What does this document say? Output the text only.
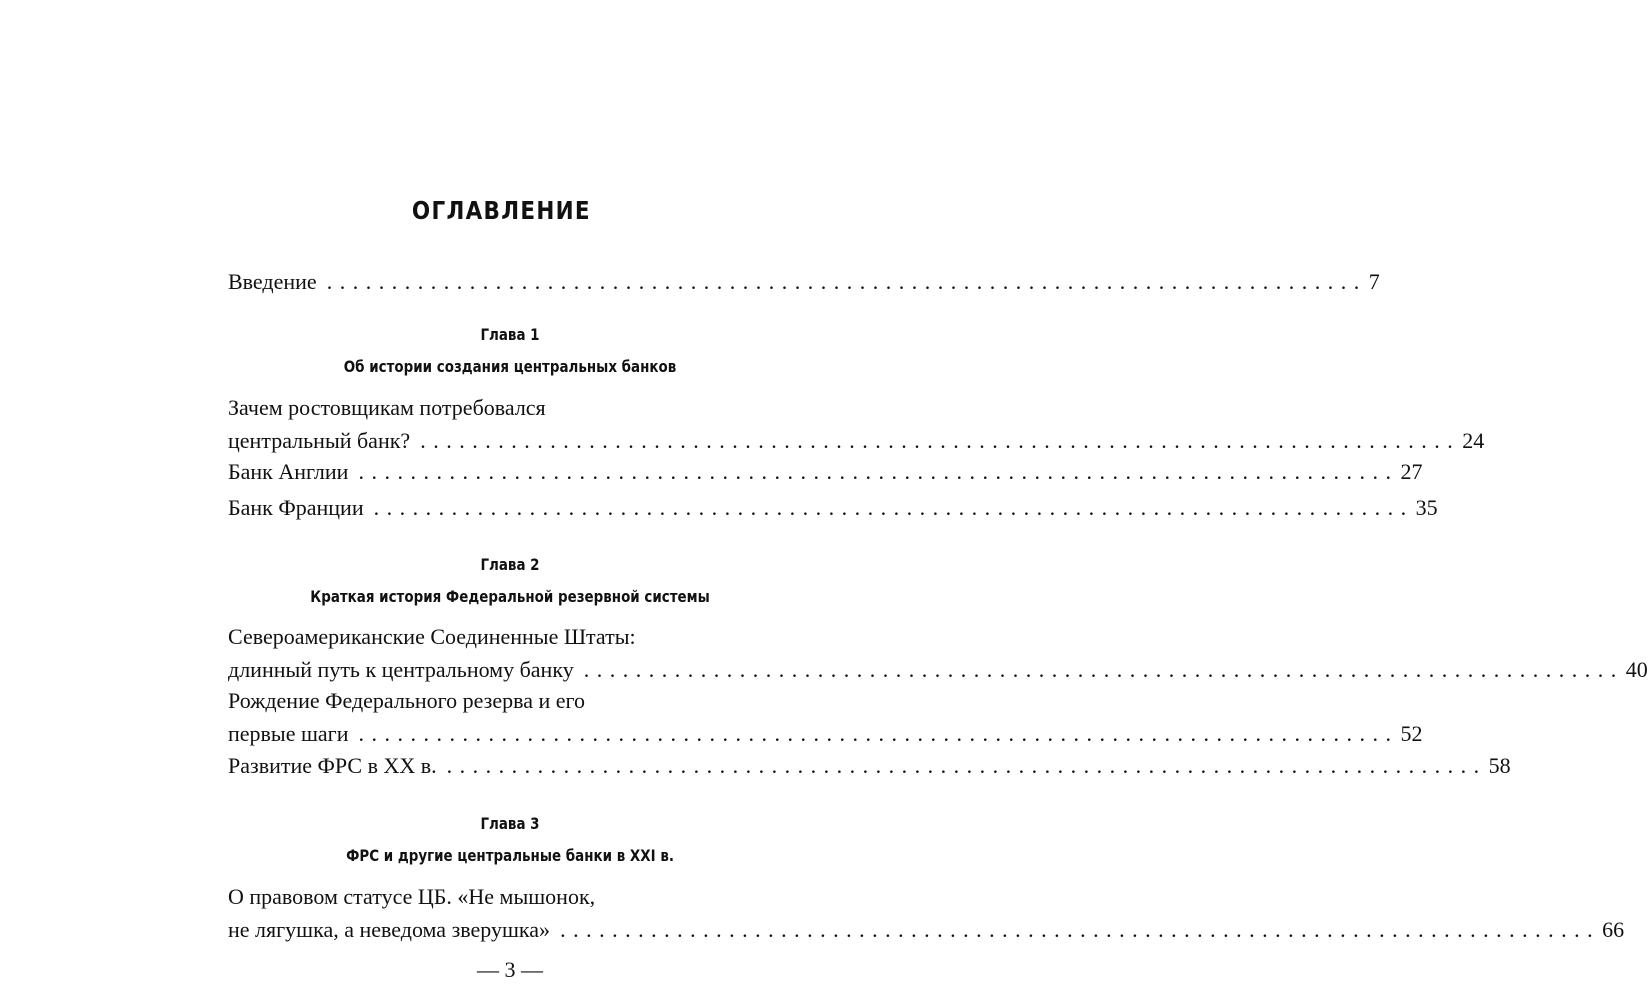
ОГЛАВЛЕНИЕ
Введение ................................................................................ 7
Глава 1
Об истории создания центральных банков
Зачем ростовщикам потребовался
центральный банк? ................................................................................ 24
Банк Англии ................................................................................ 27
Банк Франции ................................................................................ 35
Глава 2
Краткая история Федеральной резервной системы
Североамериканские Соединенные Штаты:
длинный путь к центральному банку ................................................................................ 40
Рождение Федерального резерва и его
первые шаги ................................................................................ 52
Развитие ФРС в XX в. ................................................................................ 58
Глава 3
ФРС и другие центральные банки в XXI в.
О правовом статусе ЦБ. «Не мышонок,
не лягушка, а неведома зверушка» ................................................................................ 66
— 3 —
